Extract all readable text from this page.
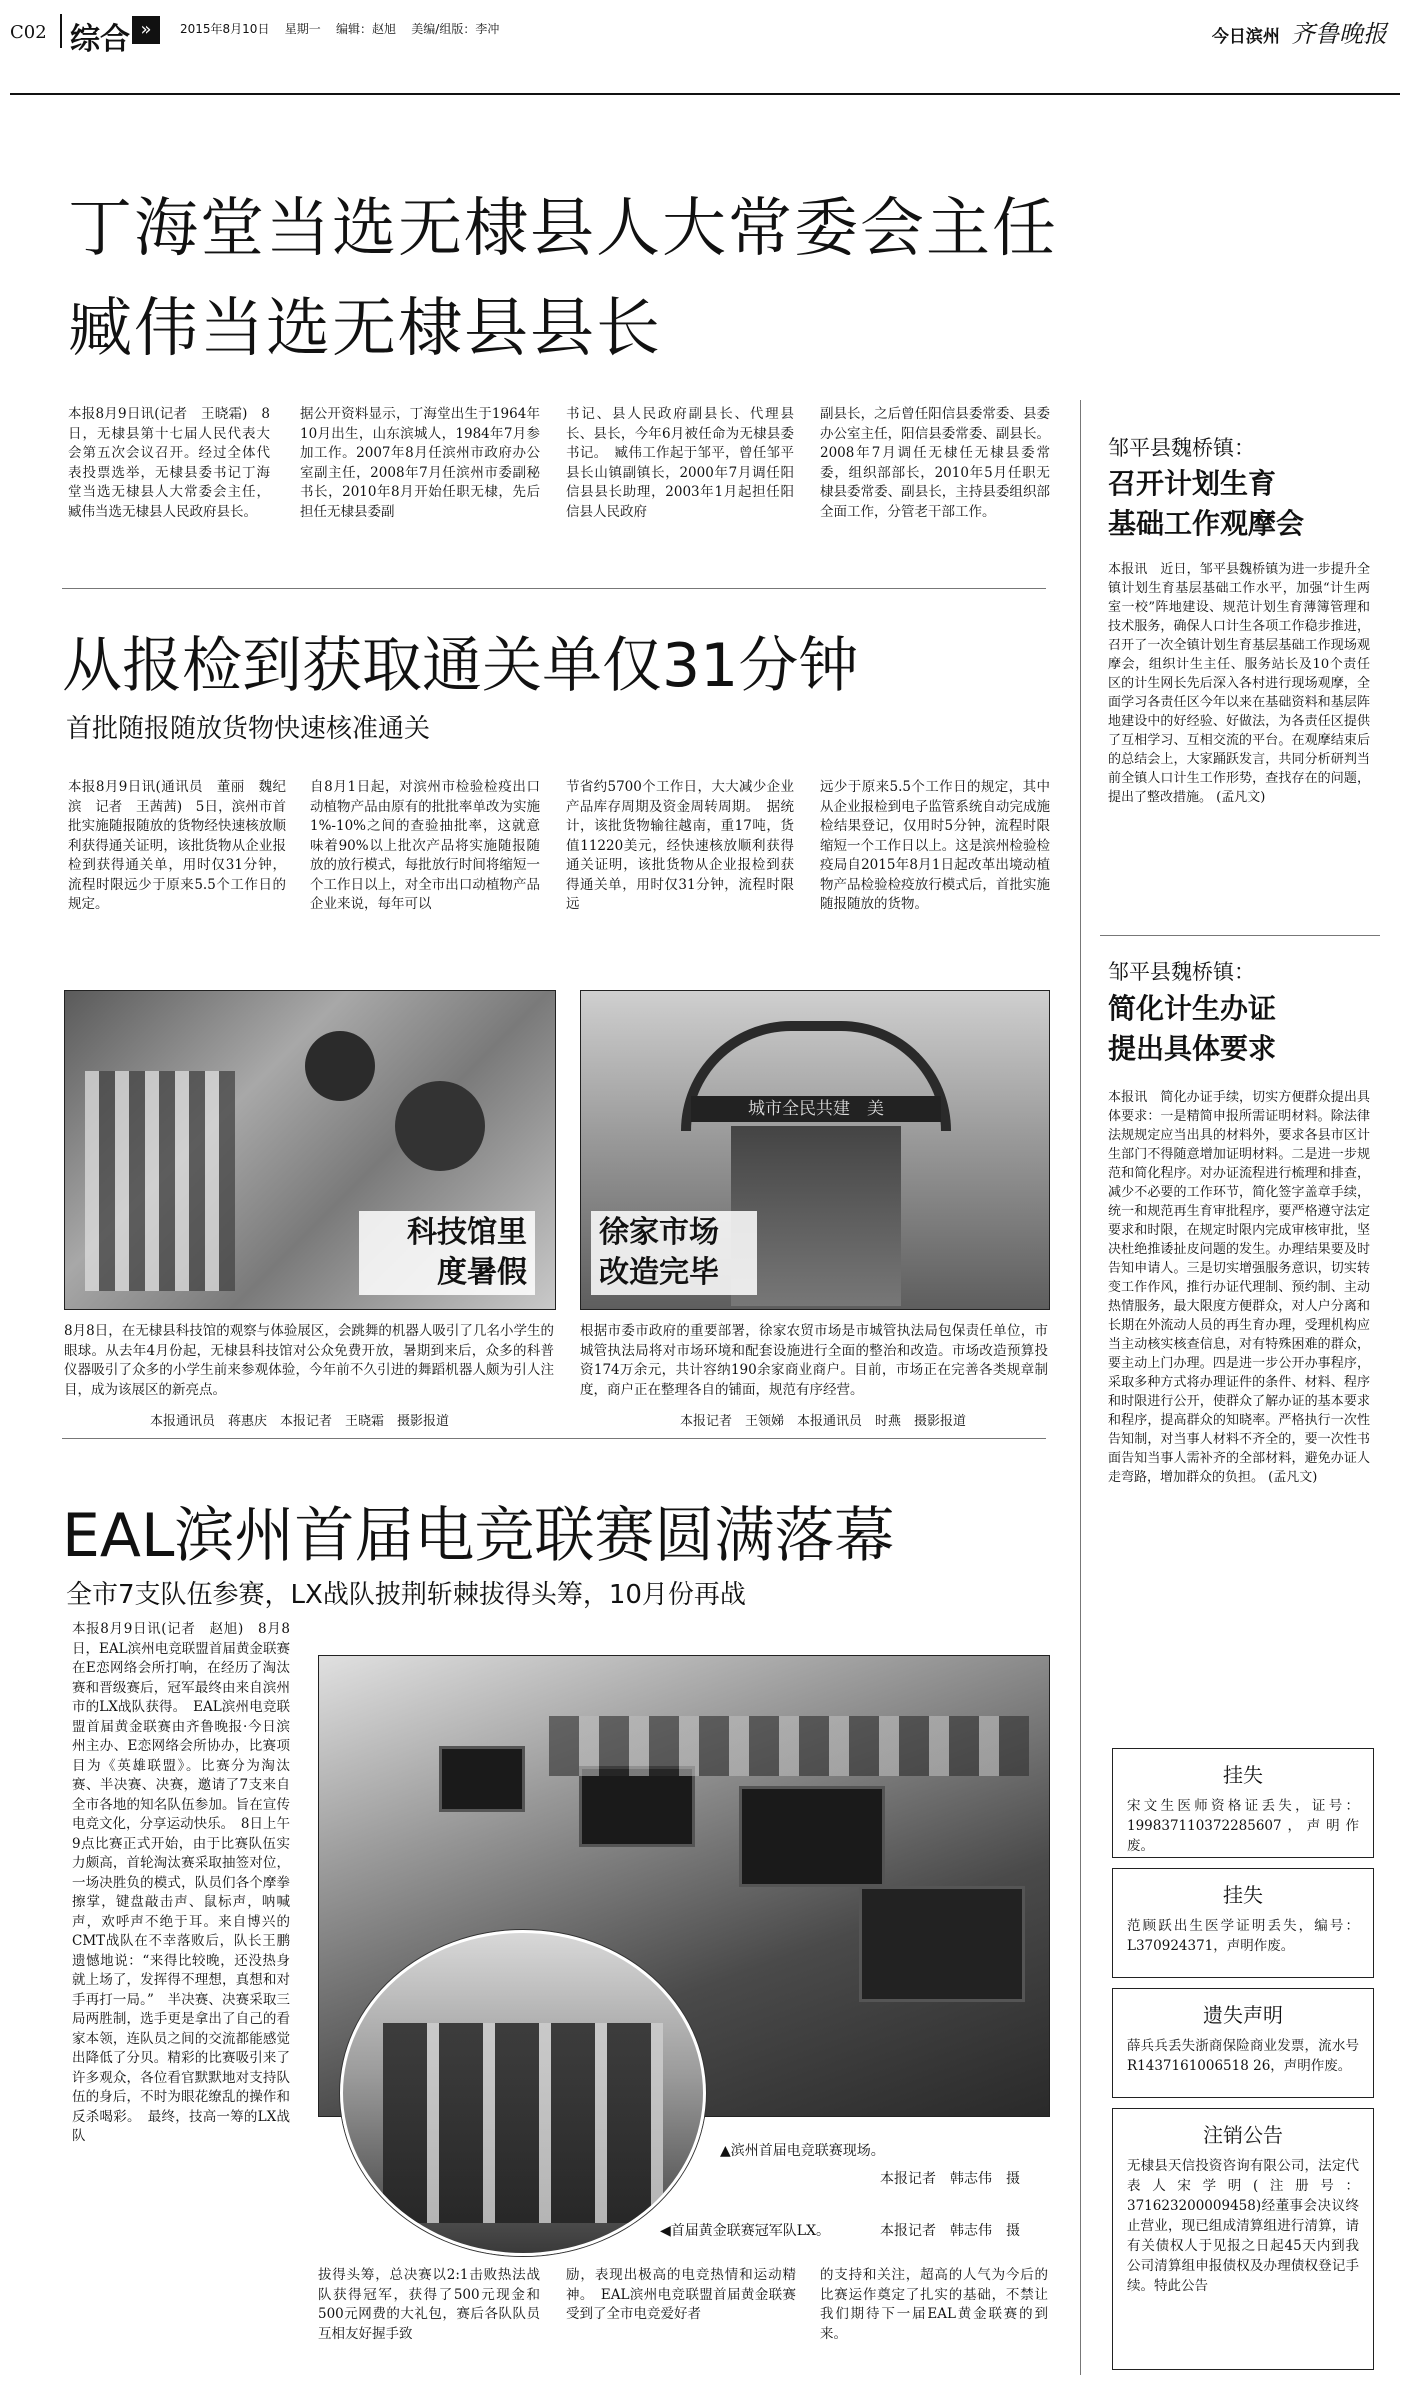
C02 综合 »	2015年8月10日 星期一 编辑：赵旭 美编/组版：李冲	今日滨州 齐鲁晚报
丁海堂当选无棣县人大常委会主任
臧伟当选无棣县县长
本报8月9日讯(记者　王晓霜)　8日，无棣县第十七届人民代表大会第五次会议召开。经过全体代表投票选举，无棣县委书记丁海堂当选无棣县人大常委会主任，臧伟当选无棣县人民政府县长。
据公开资料显示，丁海堂出生于1964年10月出生，山东滨城人，1984年7月参加工作。2007年8月任滨州市政府办公室副主任，2008年7月任滨州市委副秘书长，2010年8月开始任职无棣，先后担任无棣县委副
书记、县人民政府副县长、代理县长、县长，今年6月被任命为无棣县委书记。　臧伟工作起于邹平，曾任邹平县长山镇副镇长，2000年7月调任阳信县县长助理，2003年1月起担任阳信县人民政府
副县长，之后曾任阳信县委常委、县委办公室主任，阳信县委常委、副县长。2008年7月调任无棣任无棣县委常委，组织部部长，2010年5月任职无棣县委常委、副县长，主持县委组织部全面工作，分管老干部工作。
从报检到获取通关单仅31分钟
首批随报随放货物快速核准通关
本报8月9日讯(通讯员　董丽　魏纪滨　记者　王茜茜)　5日，滨州市首批实施随报随放的货物经快速核放顺利获得通关证明，该批货物从企业报检到获得通关单，用时仅31分钟，流程时限远少于原来5.5个工作日的规定。
自8月1日起，对滨州市检验检疫出口动植物产品由原有的批批率单改为实施1%-10%之间的查验抽批率，这就意味着90%以上批次产品将实施随报随放的放行模式，每批放行时间将缩短一个工作日以上，对全市出口动植物产品企业来说，每年可以
节省约5700个工作日，大大减少企业产品库存周期及资金周转周期。　据统计，该批货物输往越南，重17吨，货值11220美元，经快速核放顺利获得通关证明，该批货物从企业报检到获得通关单，用时仅31分钟，流程时限远
远少于原来5.5个工作日的规定，其中从企业报检到电子监管系统自动完成施检结果登记，仅用时5分钟，流程时限缩短一个工作日以上。这是滨州检验检疫局自2015年8月1日起改革出境动植物产品检验检疫放行模式后，首批实施随报随放的货物。
科技馆里
度暑假
8月8日，在无棣县科技馆的观察与体验展区，会跳舞的机器人吸引了几名小学生的眼球。从去年4月份起，无棣县科技馆对公众免费开放，暑期到来后，众多的科普仪器吸引了众多的小学生前来参观体验，今年前不久引进的舞蹈机器人颇为引人注目，成为该展区的新亮点。
本报通讯员　蒋惠庆　本报记者　王晓霜　摄影报道
城市全民共建　美
徐家市场
改造完毕
根据市委市政府的重要部署，徐家农贸市场是市城管执法局包保责任单位，市城管执法局将对市场环境和配套设施进行全面的整治和改造。市场改造预算投资174万余元，共计容纳190余家商业商户。目前，市场正在完善各类规章制度，商户正在整理各自的铺面，规范有序经营。
本报记者　王领娣　本报通讯员　时燕　摄影报道
EAL滨州首届电竞联赛圆满落幕
全市7支队伍参赛，LX战队披荆斩棘拔得头筹，10月份再战
本报8月9日讯(记者　赵旭)　8月8日，EAL滨州电竞联盟首届黄金联赛在E恋网络会所打响，在经历了淘汰赛和晋级赛后，冠军最终由来自滨州市的LX战队获得。　EAL滨州电竞联盟首届黄金联赛由齐鲁晚报·今日滨州主办、E恋网络会所协办，比赛项目为《英雄联盟》。比赛分为淘汰赛、半决赛、决赛，邀请了7支来自全市各地的知名队伍参加。旨在宣传电竞文化，分享运动快乐。　8日上午9点比赛正式开始，由于比赛队伍实力颇高，首轮淘汰赛采取抽签对位，一场决胜负的模式，队员们各个摩拳擦掌，键盘敲击声、鼠标声，呐喊声，欢呼声不绝于耳。来自博兴的CMT战队在不幸落败后，队长王鹏遗憾地说：“来得比较晚，还没热身就上场了，发挥得不理想，真想和对手再打一局。”　半决赛、决赛采取三局两胜制，选手更是拿出了自己的看家本领，连队员之间的交流都能感觉出降低了分贝。精彩的比赛吸引来了许多观众，各位看官默默地对支持队伍的身后，不时为眼花缭乱的操作和反杀喝彩。　最终，技高一筹的LX战队
▲滨州首届电竞联赛现场。
本报记者　韩志伟　摄
◀首届黄金联赛冠军队LX。	本报记者　韩志伟　摄
拔得头筹，总决赛以2:1击败热法战队获得冠军，获得了500元现金和500元网费的大礼包，赛后各队队员互相友好握手致
励，表现出极高的电竞热情和运动精神。　EAL滨州电竞联盟首届黄金联赛受到了全市电竞爱好者
的支持和关注，超高的人气为今后的比赛运作奠定了扎实的基础，不禁让我们期待下一届EAL黄金联赛的到来。
邹平县魏桥镇：
召开计划生育
基础工作观摩会
本报讯　近日，邹平县魏桥镇为进一步提升全镇计划生育基层基础工作水平，加强“计生两室一校”阵地建设、规范计划生育薄簿管理和技术服务，确保人口计生各项工作稳步推进，召开了一次全镇计划生育基层基础工作现场观摩会，组织计生主任、服务站长及10个责任区的计生网长先后深入各村进行现场观摩，全面学习各责任区今年以来在基础资料和基层阵地建设中的好经验、好做法，为各责任区提供了互相学习、互相交流的平台。在观摩结束后的总结会上，大家踊跃发言，共同分析研判当前全镇人口计生工作形势，查找存在的问题，提出了整改措施。 (孟凡文)
邹平县魏桥镇：
简化计生办证
提出具体要求
本报讯　简化办证手续，切实方便群众提出具体要求：一是精简申报所需证明材料。除法律法规规定应当出具的材料外，要求各县市区计生部门不得随意增加证明材料。二是进一步规范和简化程序。对办证流程进行梳理和排查，减少不必要的工作环节，简化签字盖章手续，统一和规范再生育审批程序，要严格遵守法定要求和时限，在规定时限内完成审核审批，坚决杜绝推诿扯皮问题的发生。办理结果要及时告知申请人。三是切实增强服务意识，切实转变工作作风，推行办证代理制、预约制、主动热情服务，最大限度方便群众，对人户分离和长期在外流动人员的再生育办理，受理机构应当主动核实核查信息，对有特殊困难的群众，要主动上门办理。四是进一步公开办事程序，采取多种方式将办理证件的条件、材料、程序和时限进行公开，使群众了解办证的基本要求和程序，提高群众的知晓率。严格执行一次性告知制，对当事人材料不齐全的，要一次性书面告知当事人需补齐的全部材料，避免办证人走弯路，增加群众的负担。 (孟凡文)
挂失
宋文生医师资格证丢失，证号：199837110372285607，声明作废。
挂失
范顾跃出生医学证明丢失，编号：L370924371，声明作废。
遗失声明
薛兵兵丢失浙商保险商业发票，流水号R1437161006518 26，声明作废。
注销公告
无棣县天信投资咨询有限公司，法定代表人宋学明(注册号：371623200009458)经董事会决议终止营业，现已组成清算组进行清算，请有关债权人于见报之日起45天内到我公司清算组申报债权及办理债权登记手续。特此公告
